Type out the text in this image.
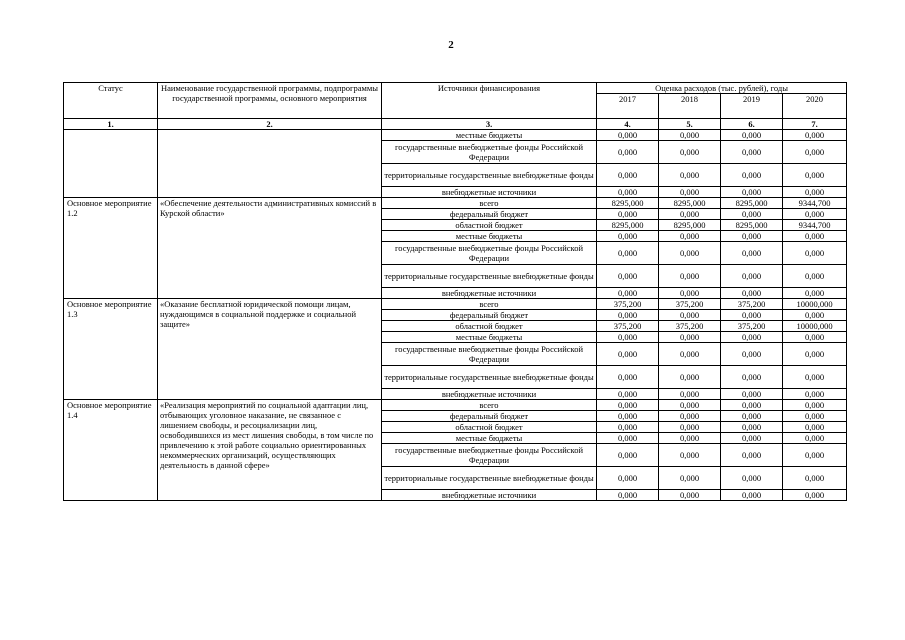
2
Статус	Наименование государственной программы, подпрограммы государственной программы, основного мероприятия	Источники финансирования	Оценка расходов (тыс. рублей), годы			
			2017	2018	2019	2020
1.	2.	3.	4.	5.	6.	7.
		местные бюджеты	0,000	0,000	0,000	0,000
		государственные внебюджетные фонды Российской Федерации	0,000	0,000	0,000	0,000
		территориальные государственные внебюджетные фонды	0,000	0,000	0,000	0,000
		внебюджетные источники	0,000	0,000	0,000	0,000
Основное мероприятие 1.2	«Обеспечение деятельности административных комиссий в Курской области»	всего	8295,000	8295,000	8295,000	9344,700
		федеральный бюджет	0,000	0,000	0,000	0,000
		областной бюджет	8295,000	8295,000	8295,000	9344,700
		местные бюджеты	0,000	0,000	0,000	0,000
		государственные внебюджетные фонды Российской Федерации	0,000	0,000	0,000	0,000
		территориальные государственные внебюджетные фонды	0,000	0,000	0,000	0,000
		внебюджетные источники	0,000	0,000	0,000	0,000
Основное мероприятие 1.3	«Оказание бесплатной юридической помощи лицам, нуждающимся в социальной поддержке и социальной защите»	всего	375,200	375,200	375,200	10000,000
		федеральный бюджет	0,000	0,000	0,000	0,000
		областной бюджет	375,200	375,200	375,200	10000,000
		местные бюджеты	0,000	0,000	0,000	0,000
		государственные внебюджетные фонды Российской Федерации	0,000	0,000	0,000	0,000
		территориальные государственные внебюджетные фонды	0,000	0,000	0,000	0,000
		внебюджетные источники	0,000	0,000	0,000	0,000
Основное мероприятие 1.4	«Реализация мероприятий по социальной адаптации лиц, отбывающих уголовное наказание, не связанное с лишением свободы, и ресоциализации лиц, освободившихся из мест лишения свободы, в том числе по привлечению к этой работе социально ориентированных некоммерческих организаций, осуществляющих деятельность в данной сфере»	всего	0,000	0,000	0,000	0,000
		федеральный бюджет	0,000	0,000	0,000	0,000
		областной бюджет	0,000	0,000	0,000	0,000
		местные бюджеты	0,000	0,000	0,000	0,000
		государственные внебюджетные фонды Российской Федерации	0,000	0,000	0,000	0,000
		территориальные государственные внебюджетные фонды	0,000	0,000	0,000	0,000
		внебюджетные источники	0,000	0,000	0,000	0,000
